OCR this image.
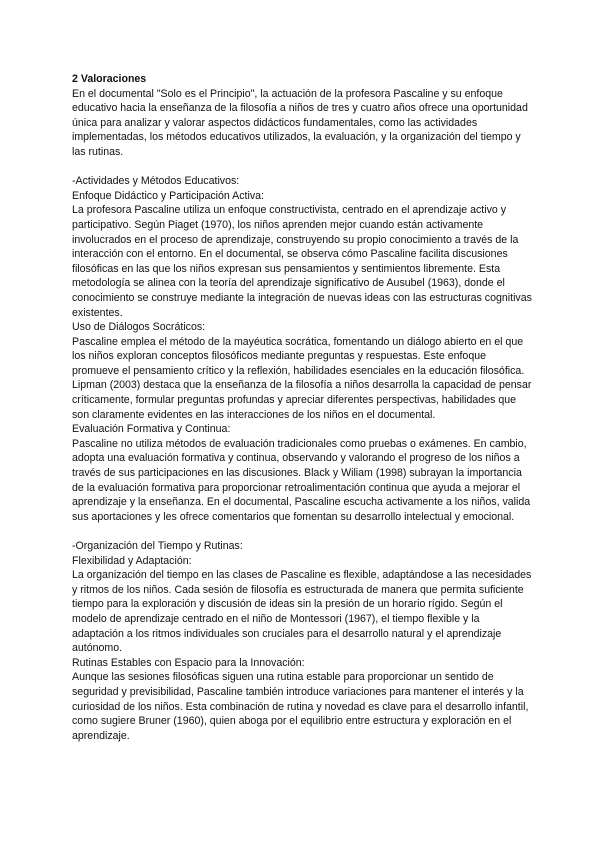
2 Valoraciones

En el documental "Solo es el Principio", la actuación de la profesora Pascaline y su enfoque educativo hacia la enseñanza de la filosofía a niños de tres y cuatro años ofrece una oportunidad única para analizar y valorar aspectos didácticos fundamentales, como las actividades implementadas, los métodos educativos utilizados, la evaluación, y la organización del tiempo y las rutinas.

-Actividades y Métodos Educativos:

Enfoque Didáctico y Participación Activa:

La profesora Pascaline utiliza un enfoque constructivista, centrado en el aprendizaje activo y participativo. Según Piaget (1970), los niños aprenden mejor cuando están activamente involucrados en el proceso de aprendizaje, construyendo su propio conocimiento a través de la interacción con el entorno. En el documental, se observa cómo Pascaline facilita discusiones filosóficas en las que los niños expresan sus pensamientos y sentimientos libremente. Esta metodología se alinea con la teoría del aprendizaje significativo de Ausubel (1963), donde el conocimiento se construye mediante la integración de nuevas ideas con las estructuras cognitivas existentes.

Uso de Diálogos Socráticos:

Pascaline emplea el método de la mayéutica socrática, fomentando un diálogo abierto en el que los niños exploran conceptos filosóficos mediante preguntas y respuestas. Este enfoque promueve el pensamiento crítico y la reflexión, habilidades esenciales en la educación filosófica. Lipman (2003) destaca que la enseñanza de la filosofía a niños desarrolla la capacidad de pensar críticamente, formular preguntas profundas y apreciar diferentes perspectivas, habilidades que son claramente evidentes en las interacciones de los niños en el documental.

Evaluación Formativa y Continua:

Pascaline no utiliza métodos de evaluación tradicionales como pruebas o exámenes. En cambio, adopta una evaluación formativa y continua, observando y valorando el progreso de los niños a través de sus participaciones en las discusiones. Black y Wiliam (1998) subrayan la importancia de la evaluación formativa para proporcionar retroalimentación continua que ayuda a mejorar el aprendizaje y la enseñanza. En el documental, Pascaline escucha activamente a los niños, valida sus aportaciones y les ofrece comentarios que fomentan su desarrollo intelectual y emocional.

-Organización del Tiempo y Rutinas:

Flexibilidad y Adaptación:

La organización del tiempo en las clases de Pascaline es flexible, adaptándose a las necesidades y ritmos de los niños. Cada sesión de filosofía es estructurada de manera que permita suficiente tiempo para la exploración y discusión de ideas sin la presión de un horario rígido. Según el modelo de aprendizaje centrado en el niño de Montessori (1967), el tiempo flexible y la adaptación a los ritmos individuales son cruciales para el desarrollo natural y el aprendizaje autónomo.

Rutinas Estables con Espacio para la Innovación:

Aunque las sesiones filosóficas siguen una rutina estable para proporcionar un sentido de seguridad y previsibilidad, Pascaline también introduce variaciones para mantener el interés y la curiosidad de los niños. Esta combinación de rutina y novedad es clave para el desarrollo infantil, como sugiere Bruner (1960), quien aboga por el equilibrio entre estructura y exploración en el aprendizaje.
